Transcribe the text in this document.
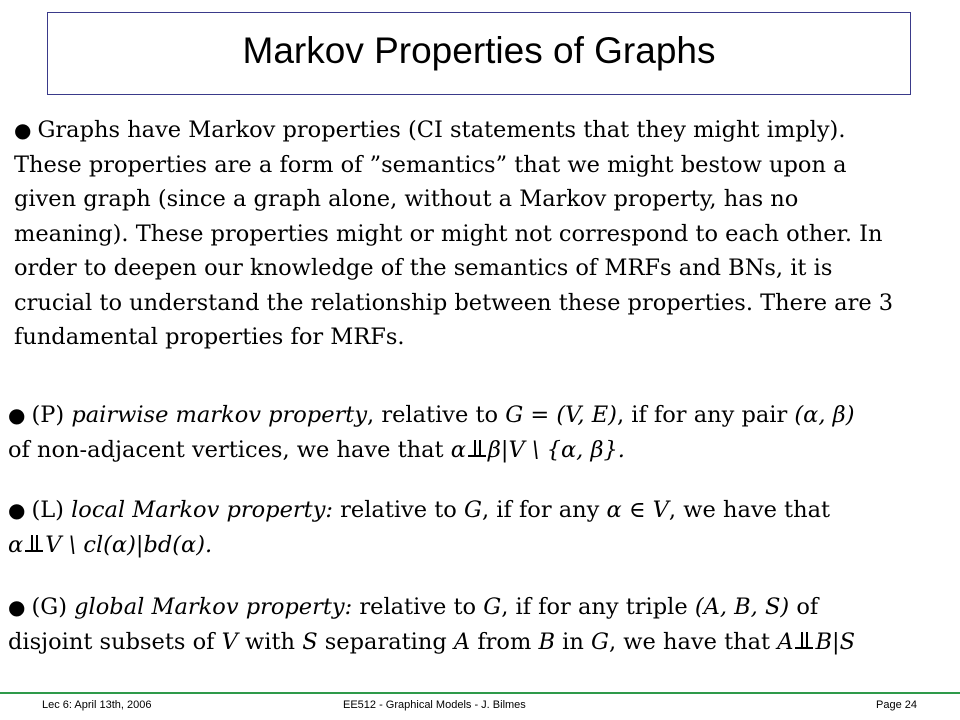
Markov Properties of Graphs
● Graphs have Markov properties (CI statements that they might imply).
These properties are a form of ”semantics” that we might bestow upon a
given graph (since a graph alone, without a Markov property, has no
meaning). These properties might or might not correspond to each other. In
order to deepen our knowledge of the semantics of MRFs and BNs, it is
crucial to understand the relationship between these properties. There are 3
fundamental properties for MRFs.
● (P) pairwise markov property, relative to G = (V, E), if for any pair (α, β)
of non-adjacent vertices, we have that α β|V \ {α, β}.
● (L) local Markov property: relative to G, if for any α ∈ V, we have that
α V \ cl(α)|bd(α).
● (G) global Markov property: relative to G, if for any triple (A, B, S) of
disjoint subsets of V with S separating A from B in G, we have that A B|S
Lec 6: April 13th, 2006	EE512 - Graphical Models - J. Bilmes	Page 24
